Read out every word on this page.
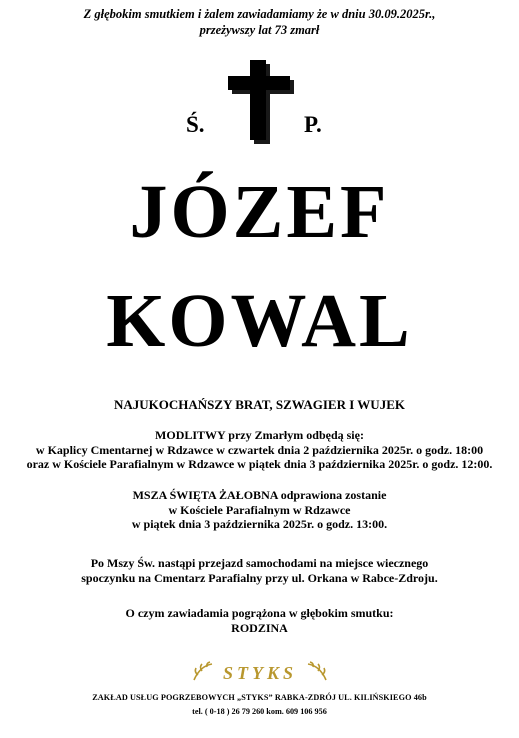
Z głębokim smutkiem i żalem zawiadamiamy że w dniu 30.09.2025r.,
przeżywszy lat 73 zmarł
Ś.	P.
JÓZEF
KOWAL
NAJUKOCHAŃSZY BRAT, SZWAGIER I WUJEK
MODLITWY przy Zmarłym odbędą się:
w Kaplicy Cmentarnej w Rdzawce w czwartek dnia 2 października 2025r. o godz. 18:00
oraz w Kościele Parafialnym w Rdzawce w piątek dnia 3 października 2025r. o godz. 12:00.
MSZA ŚWIĘTA ŻAŁOBNA odprawiona zostanie
w Kościele Parafialnym w Rdzawce
w piątek dnia 3 października 2025r. o godz. 13:00.
Po Mszy Św. nastąpi przejazd samochodami na miejsce wiecznego
spoczynku na Cmentarz Parafialny przy ul. Orkana w Rabce-Zdroju.
O czym zawiadamia pogrążona w głębokim smutku:
RODZINA
STYKS
ZAKŁAD USŁUG POGRZEBOWYCH „STYKS” RABKA-ZDRÓJ UL. KILIŃSKIEGO 46b
tel. ( 0-18 ) 26 79 260 kom. 609 106 956
